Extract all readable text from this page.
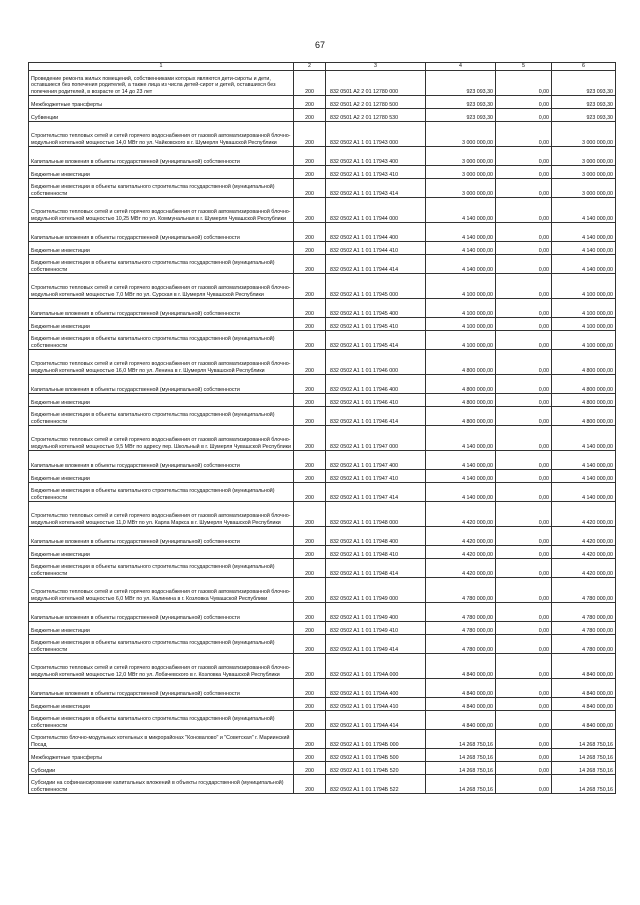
67
1	2	3	4	5	6
Проведение ремонта жилых помещений, собственниками которых являются дети-сироты и дети, оставшиеся без попечения родителей, а также лица из числа детей-сирот и детей, оставшихся без попечения родителей, в возрасте от 14 до 23 лет	200	832 0501 A2 2 01 12780 000	923 093,30	0,00	923 093,30
Межбюджетные трансферты	200	832 0501 A2 2 01 12780 500	923 093,30	0,00	923 093,30
Субвенции	200	832 0501 A2 2 01 12780 530	923 093,30	0,00	923 093,30
Строительство тепловых сетей и сетей горячего водоснабжения от газовой автоматизированной блочно-модульной котельной мощностью 14,0 МВт по ул. Чайковского в г. Шумерля Чувашской Республики	200	832 0502 A1 1 01 17943 000	3 000 000,00	0,00	3 000 000,00
Капитальные вложения в объекты государственной (муниципальной) собственности	200	832 0502 A1 1 01 17943 400	3 000 000,00	0,00	3 000 000,00
Бюджетные инвестиции	200	832 0502 A1 1 01 17943 410	3 000 000,00	0,00	3 000 000,00
Бюджетные инвестиции в объекты капитального строительства государственной (муниципальной) собственности	200	832 0502 A1 1 01 17943 414	3 000 000,00	0,00	3 000 000,00
Строительство тепловых сетей и сетей горячего водоснабжения от газовой автоматизированной блочно-модульной котельной мощностью 10,25 МВт по ул. Коммунальная в г. Шумерля Чувашской Республики	200	832 0502 A1 1 01 17944 000	4 140 000,00	0,00	4 140 000,00
Капитальные вложения в объекты государственной (муниципальной) собственности	200	832 0502 A1 1 01 17944 400	4 140 000,00	0,00	4 140 000,00
Бюджетные инвестиции	200	832 0502 A1 1 01 17944 410	4 140 000,00	0,00	4 140 000,00
Бюджетные инвестиции в объекты капитального строительства государственной (муниципальной) собственности	200	832 0502 A1 1 01 17944 414	4 140 000,00	0,00	4 140 000,00
Строительство тепловых сетей и сетей горячего водоснабжения от газовой автоматизированной блочно-модульной котельной мощностью 7,0 МВт по ул. Сурская в г. Шумерля Чувашской Республики	200	832 0502 A1 1 01 17945 000	4 100 000,00	0,00	4 100 000,00
Капитальные вложения в объекты государственной (муниципальной) собственности	200	832 0502 A1 1 01 17945 400	4 100 000,00	0,00	4 100 000,00
Бюджетные инвестиции	200	832 0502 A1 1 01 17945 410	4 100 000,00	0,00	4 100 000,00
Бюджетные инвестиции в объекты капитального строительства государственной (муниципальной) собственности	200	832 0502 A1 1 01 17945 414	4 100 000,00	0,00	4 100 000,00
Строительство тепловых сетей и сетей горячего водоснабжения от газовой автоматизированной блочно-модульной котельной мощностью 16,0 МВт по ул. Ленина в г. Шумерля Чувашской Республики	200	832 0502 A1 1 01 17946 000	4 800 000,00	0,00	4 800 000,00
Капитальные вложения в объекты государственной (муниципальной) собственности	200	832 0502 A1 1 01 17946 400	4 800 000,00	0,00	4 800 000,00
Бюджетные инвестиции	200	832 0502 A1 1 01 17946 410	4 800 000,00	0,00	4 800 000,00
Бюджетные инвестиции в объекты капитального строительства государственной (муниципальной) собственности	200	832 0502 A1 1 01 17946 414	4 800 000,00	0,00	4 800 000,00
Строительство тепловых сетей и сетей горячего водоснабжения от газовой автоматизированной блочно-модульной котельной мощностью 9,5 МВт по адресу пер. Школьный в г. Шумерля Чувашской Республики	200	832 0502 A1 1 01 17947 000	4 140 000,00	0,00	4 140 000,00
Капитальные вложения в объекты государственной (муниципальной) собственности	200	832 0502 A1 1 01 17947 400	4 140 000,00	0,00	4 140 000,00
Бюджетные инвестиции	200	832 0502 A1 1 01 17947 410	4 140 000,00	0,00	4 140 000,00
Бюджетные инвестиции в объекты капитального строительства государственной (муниципальной) собственности	200	832 0502 A1 1 01 17947 414	4 140 000,00	0,00	4 140 000,00
Строительство тепловых сетей и сетей горячего водоснабжения от газовой автоматизированной блочно-модульной котельной мощностью 11,0 МВт по ул. Карла Маркса в г. Шумерля Чувашской Республики	200	832 0502 A1 1 01 17948 000	4 420 000,00	0,00	4 420 000,00
Капитальные вложения в объекты государственной (муниципальной) собственности	200	832 0502 A1 1 01 17948 400	4 420 000,00	0,00	4 420 000,00
Бюджетные инвестиции	200	832 0502 A1 1 01 17948 410	4 420 000,00	0,00	4 420 000,00
Бюджетные инвестиции в объекты капитального строительства государственной (муниципальной) собственности	200	832 0502 A1 1 01 17948 414	4 420 000,00	0,00	4 420 000,00
Строительство тепловых сетей и сетей горячего водоснабжения от газовой автоматизированной блочно-модульной котельной мощностью 6,0 МВт по ул. Калинина в г. Козловка Чувашской Республики	200	832 0502 A1 1 01 17949 000	4 780 000,00	0,00	4 780 000,00
Капитальные вложения в объекты государственной (муниципальной) собственности	200	832 0502 A1 1 01 17949 400	4 780 000,00	0,00	4 780 000,00
Бюджетные инвестиции	200	832 0502 A1 1 01 17949 410	4 780 000,00	0,00	4 780 000,00
Бюджетные инвестиции в объекты капитального строительства государственной (муниципальной) собственности	200	832 0502 A1 1 01 17949 414	4 780 000,00	0,00	4 780 000,00
Строительство тепловых сетей и сетей горячего водоснабжения от газовой автоматизированной блочно-модульной котельной мощностью 12,0 МВт по ул. Лобачевского в г. Козловка Чувашской Республики	200	832 0502 A1 1 01 1794A 000	4 840 000,00	0,00	4 840 000,00
Капитальные вложения в объекты государственной (муниципальной) собственности	200	832 0502 A1 1 01 1794A 400	4 840 000,00	0,00	4 840 000,00
Бюджетные инвестиции	200	832 0502 A1 1 01 1794A 410	4 840 000,00	0,00	4 840 000,00
Бюджетные инвестиции в объекты капитального строительства государственной (муниципальной) собственности	200	832 0502 A1 1 01 1794A 414	4 840 000,00	0,00	4 840 000,00
Строительство блочно-модульных котельных в микрорайонах "Коновалово" и "Советская" г. Мариинский Посад	200	832 0502 A1 1 01 1794Б 000	14 268 750,16	0,00	14 268 750,16
Межбюджетные трансферты	200	832 0502 A1 1 01 1794Б 500	14 268 750,16	0,00	14 268 750,16
Субсидии	200	832 0502 A1 1 01 1794Б 520	14 268 750,16	0,00	14 268 750,16
Субсидии на софинансирование капитальных вложений в объекты государственной (муниципальной) собственности	200	832 0502 A1 1 01 1794Б 522	14 268 750,16	0,00	14 268 750,16
